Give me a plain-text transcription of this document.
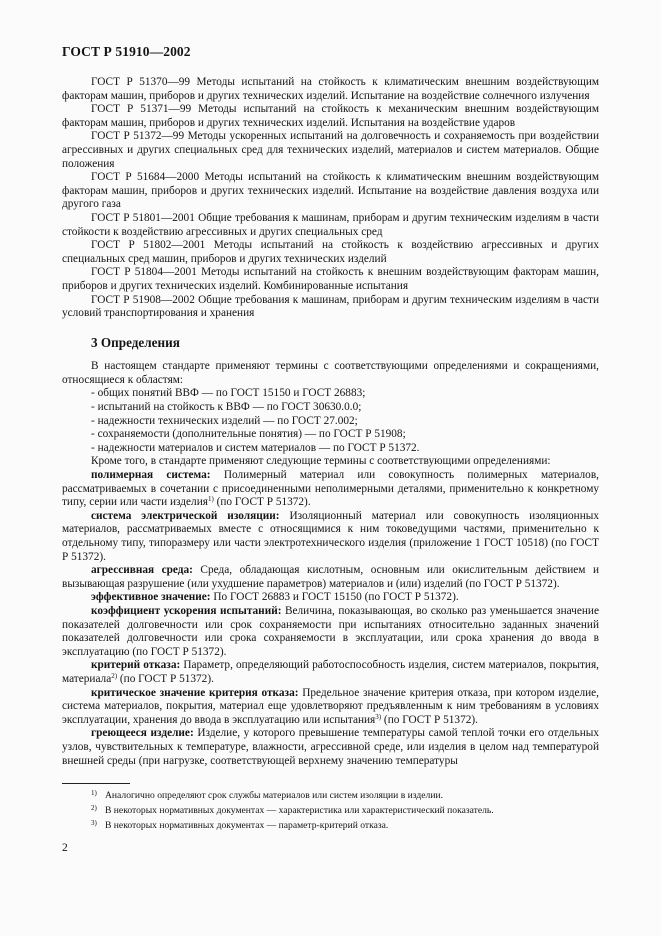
ГОСТ Р 51910—2002

ГОСТ Р 51370—99 Методы испытаний на стойкость к климатическим внешним воздействующим факторам машин, приборов и других технических изделий. Испытание на воздействие солнечного излучения

ГОСТ Р 51371—99 Методы испытаний на стойкость к механическим внешним воздействующим факторам машин, приборов и других технических изделий. Испытания на воздействие ударов

ГОСТ Р 51372—99 Методы ускоренных испытаний на долговечность и сохраняемость при воздействии агрессивных и других специальных сред для технических изделий, материалов и систем материалов. Общие положения

ГОСТ Р 51684—2000 Методы испытаний на стойкость к климатическим внешним воздействующим факторам машин, приборов и других технических изделий. Испытание на воздействие давления воздуха или другого газа

ГОСТ Р 51801—2001 Общие требования к машинам, приборам и другим техническим изделиям в части стойкости к воздействию агрессивных и других специальных сред

ГОСТ Р 51802—2001 Методы испытаний на стойкость к воздействию агрессивных и других специальных сред машин, приборов и других технических изделий

ГОСТ Р 51804—2001 Методы испытаний на стойкость к внешним воздействующим факторам машин, приборов и других технических изделий. Комбинированные испытания

ГОСТ Р 51908—2002 Общие требования к машинам, приборам и другим техническим изделиям в части условий транспортирования и хранения

3 Определения

В настоящем стандарте применяют термины с соответствующими определениями и сокращениями, относящиеся к областям:

- общих понятий ВВФ — по ГОСТ 15150 и ГОСТ 26883;

- испытаний на стойкость к ВВФ — по ГОСТ 30630.0.0;

- надежности технических изделий — по ГОСТ 27.002;

- сохраняемости (дополнительные понятия) — по ГОСТ Р 51908;

- надежности материалов и систем материалов — по ГОСТ Р 51372.

Кроме того, в стандарте применяют следующие термины с соответствующими определениями:

полимерная система: Полимерный материал или совокупность полимерных материалов, рассматриваемых в сочетании с присоединенными неполимерными деталями, применительно к конкретному типу, серии или части изделия$^{1)}$ (по ГОСТ Р 51372).

система электрической изоляции: Изоляционный материал или совокупность изоляционных материалов, рассматриваемых вместе с относящимися к ним токоведущими частями, применительно к отдельному типу, типоразмеру или части электротехнического изделия (приложение 1 ГОСТ 10518) (по ГОСТ Р 51372).

агрессивная среда: Среда, обладающая кислотным, основным или окислительным действием и вызывающая разрушение (или ухудшение параметров) материалов и (или) изделий (по ГОСТ Р 51372).

эффективное значение: По ГОСТ 26883 и ГОСТ 15150 (по ГОСТ Р 51372).

коэффициент ускорения испытаний: Величина, показывающая, во сколько раз уменьшается значение показателей долговечности или срок сохраняемости при испытаниях относительно заданных значений показателей долговечности или срока сохраняемости в эксплуатации, или срока хранения до ввода в эксплуатацию (по ГОСТ Р 51372).

критерий отказа: Параметр, определяющий работоспособность изделия, систем материалов, покрытия, материала$^{2)}$ (по ГОСТ Р 51372).

критическое значение критерия отказа: Предельное значение критерия отказа, при котором изделие, система материалов, покрытия, материал еще удовлетворяют предъявленным к ним требованиям в условиях эксплуатации, хранения до ввода в эксплуатацию или испытания$^{3)}$ (по ГОСТ Р 51372).

греющееся изделие: Изделие, у которого превышение температуры самой теплой точки его отдельных узлов, чувствительных к температуре, влажности, агрессивной среде, или изделия в целом над температурой внешней среды (при нагрузке, соответствующей верхнему значению температуры

1) Аналогично определяют срок службы материалов или систем изоляции в изделии.

2) В некоторых нормативных документах — характеристика или характеристический показатель.

3) В некоторых нормативных документах — параметр-критерий отказа.

2
